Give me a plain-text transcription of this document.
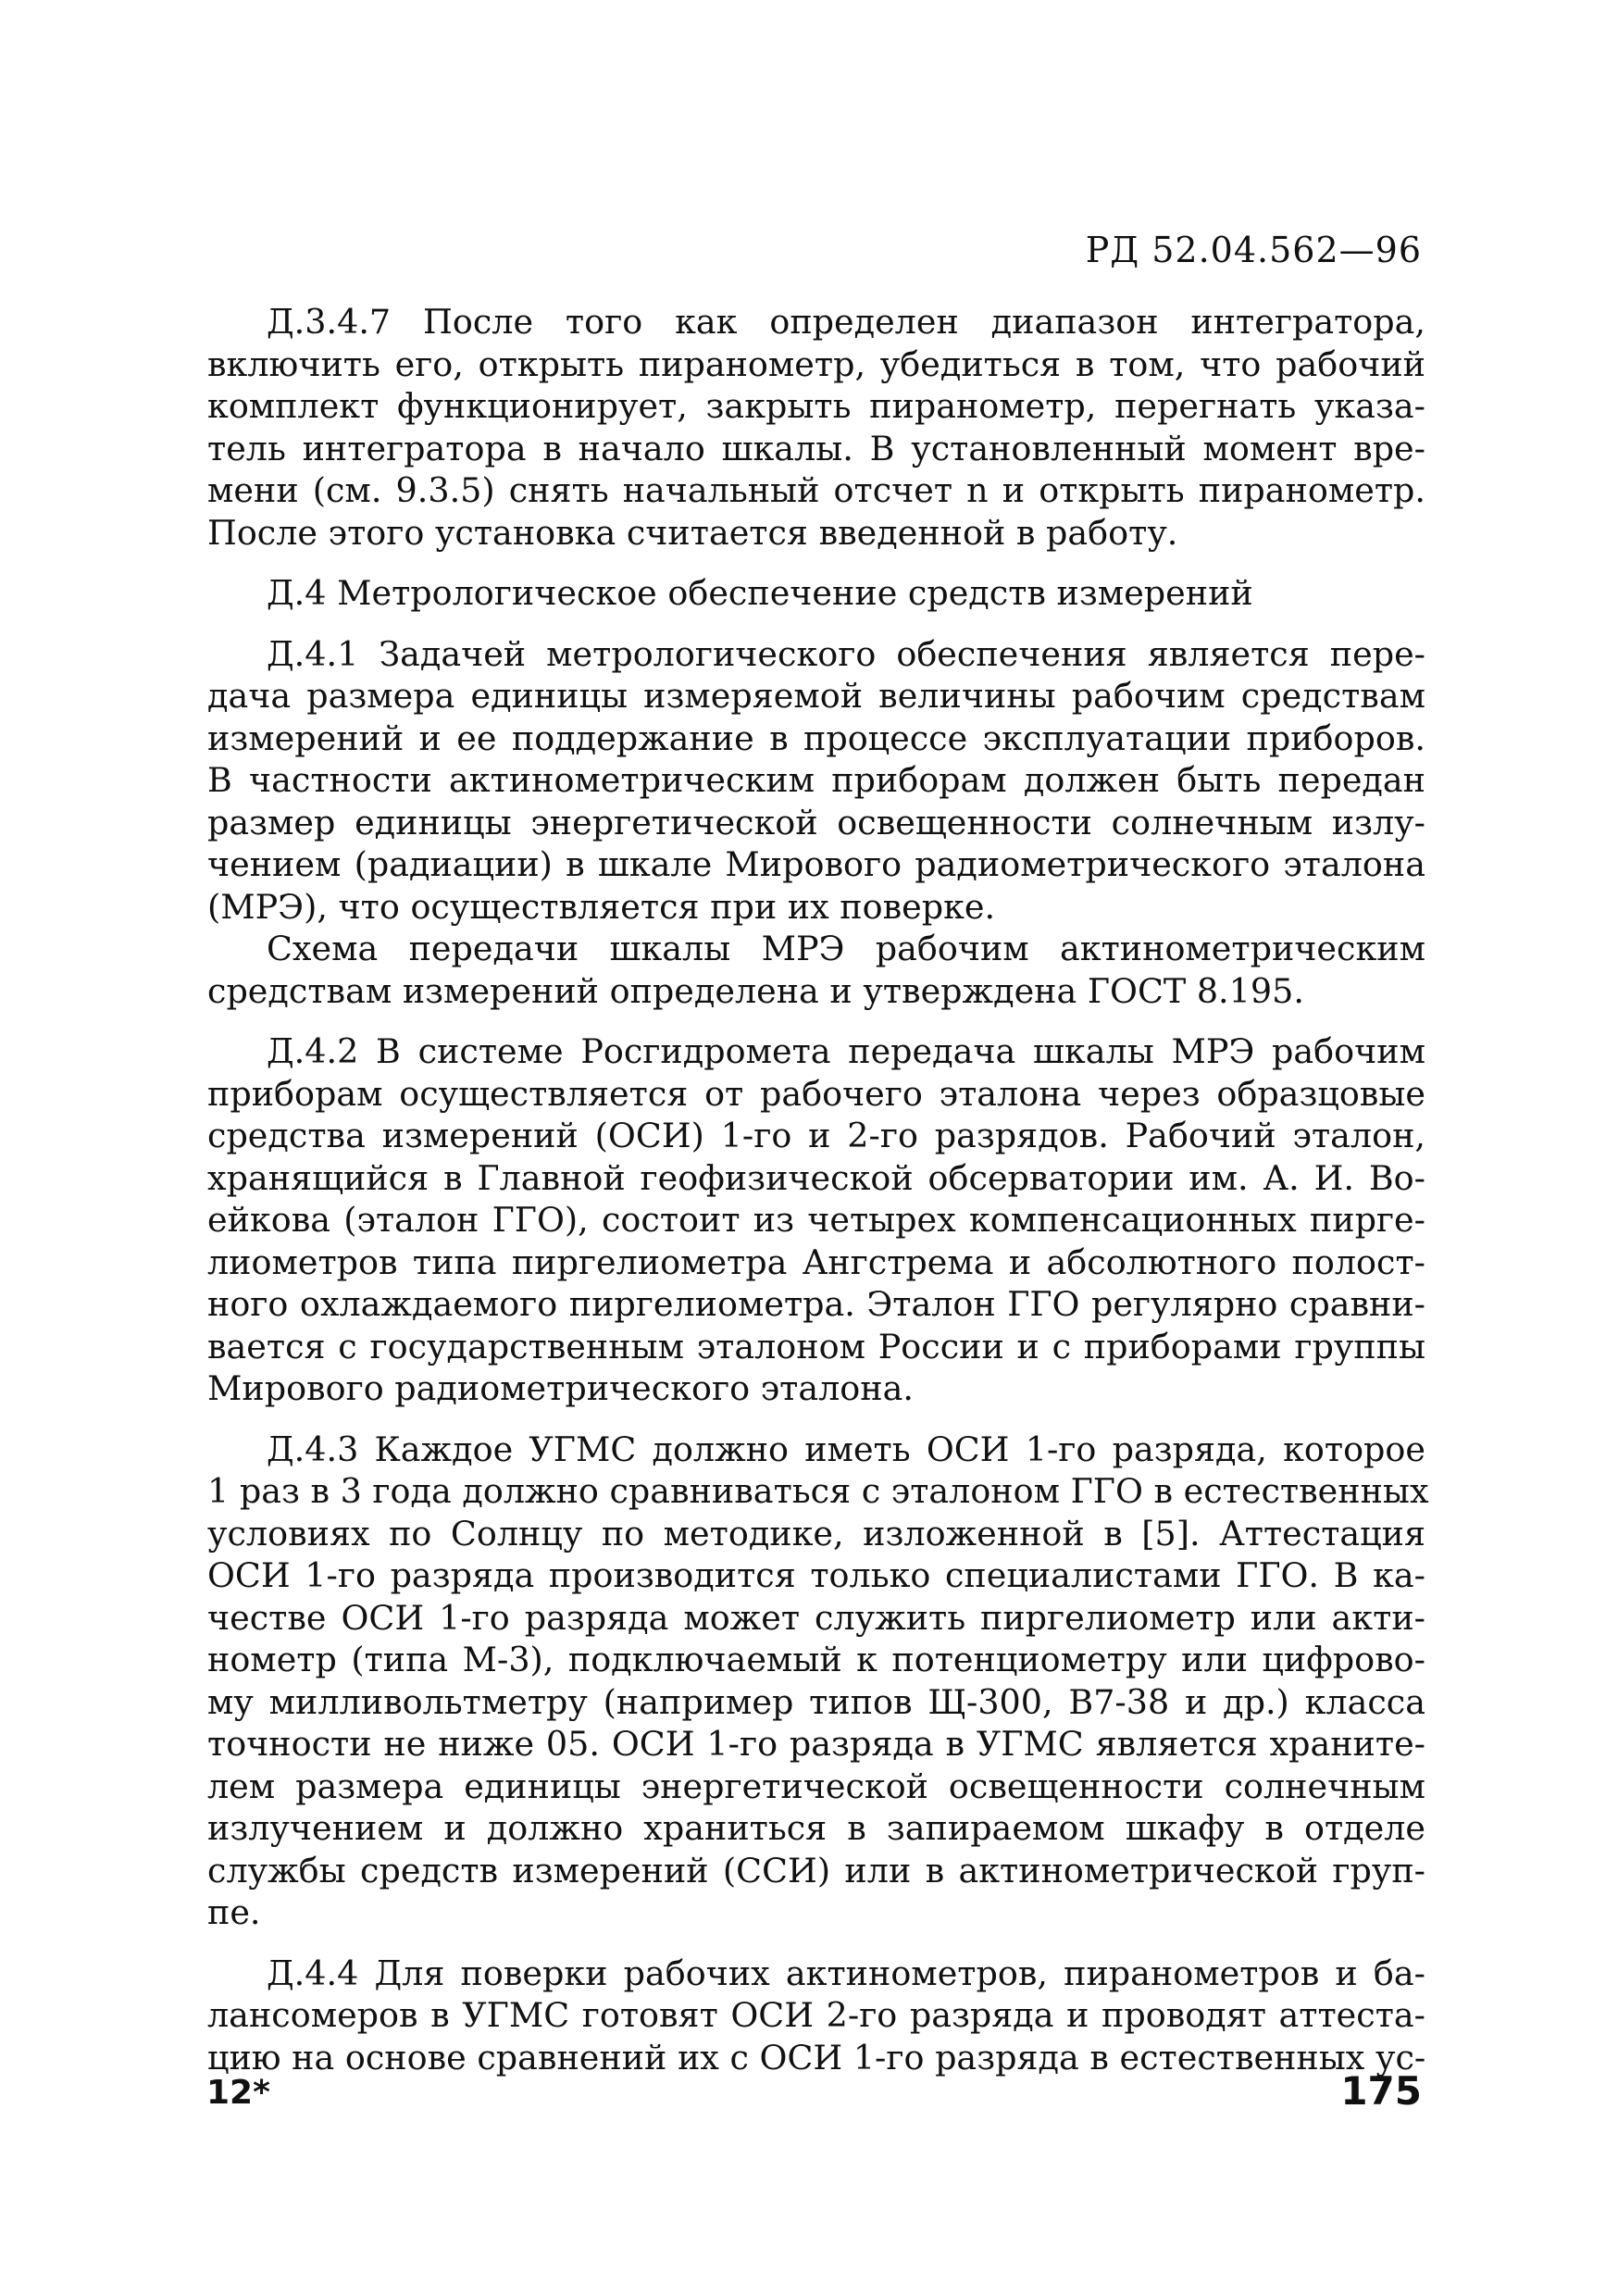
РД 52.04.562—96
Д.3.4.7 После того как определен диапазон интегратора,
включить его, открыть пиранометр, убедиться в том, что рабочий
комплект функционирует, закрыть пиранометр, перегнать указа-
тель интегратора в начало шкалы. В установленный момент вре-
мени (см. 9.3.5) снять начальный отсчет n и открыть пиранометр.
После этого установка считается введенной в работу.
Д.4 Метрологическое обеспечение средств измерений
Д.4.1 Задачей метрологического обеспечения является пере-
дача размера единицы измеряемой величины рабочим средствам
измерений и ее поддержание в процессе эксплуатации приборов.
В частности актинометрическим приборам должен быть передан
размер единицы энергетической освещенности солнечным излу-
чением (радиации) в шкале Мирового радиометрического эталона
(МРЭ), что осуществляется при их поверке.
Схема передачи шкалы МРЭ рабочим актинометрическим
средствам измерений определена и утверждена ГОСТ 8.195.
Д.4.2 В системе Росгидромета передача шкалы МРЭ рабочим
приборам осуществляется от рабочего эталона через образцовые
средства измерений (ОСИ) 1-го и 2-го разрядов. Рабочий эталон,
хранящийся в Главной геофизической обсерватории им. А. И. Во-
ейкова (эталон ГГО), состоит из четырех компенсационных пирге-
лиометров типа пиргелиометра Ангстрема и абсолютного полост-
ного охлаждаемого пиргелиометра. Эталон ГГО регулярно сравни-
вается с государственным эталоном России и с приборами группы
Мирового радиометрического эталона.
Д.4.3 Каждое УГМС должно иметь ОСИ 1-го разряда, которое
1 раз в 3 года должно сравниваться с эталоном ГГО в естественных
условиях по Солнцу по методике, изложенной в [5]. Аттестация
ОСИ 1-го разряда производится только специалистами ГГО. В ка-
честве ОСИ 1-го разряда может служить пиргелиометр или акти-
нометр (типа М-3), подключаемый к потенциометру или цифрово-
му милливольтметру (например типов Щ-300, В7-38 и др.) класса
точности не ниже 05. ОСИ 1-го разряда в УГМС является храните-
лем размера единицы энергетической освещенности солнечным
излучением и должно храниться в запираемом шкафу в отделе
службы средств измерений (ССИ) или в актинометрической груп-
пе.
Д.4.4 Для поверки рабочих актинометров, пиранометров и ба-
лансомеров в УГМС готовят ОСИ 2-го разряда и проводят аттеста-
цию на основе сравнений их с ОСИ 1-го разряда в естественных ус-
12*	175
